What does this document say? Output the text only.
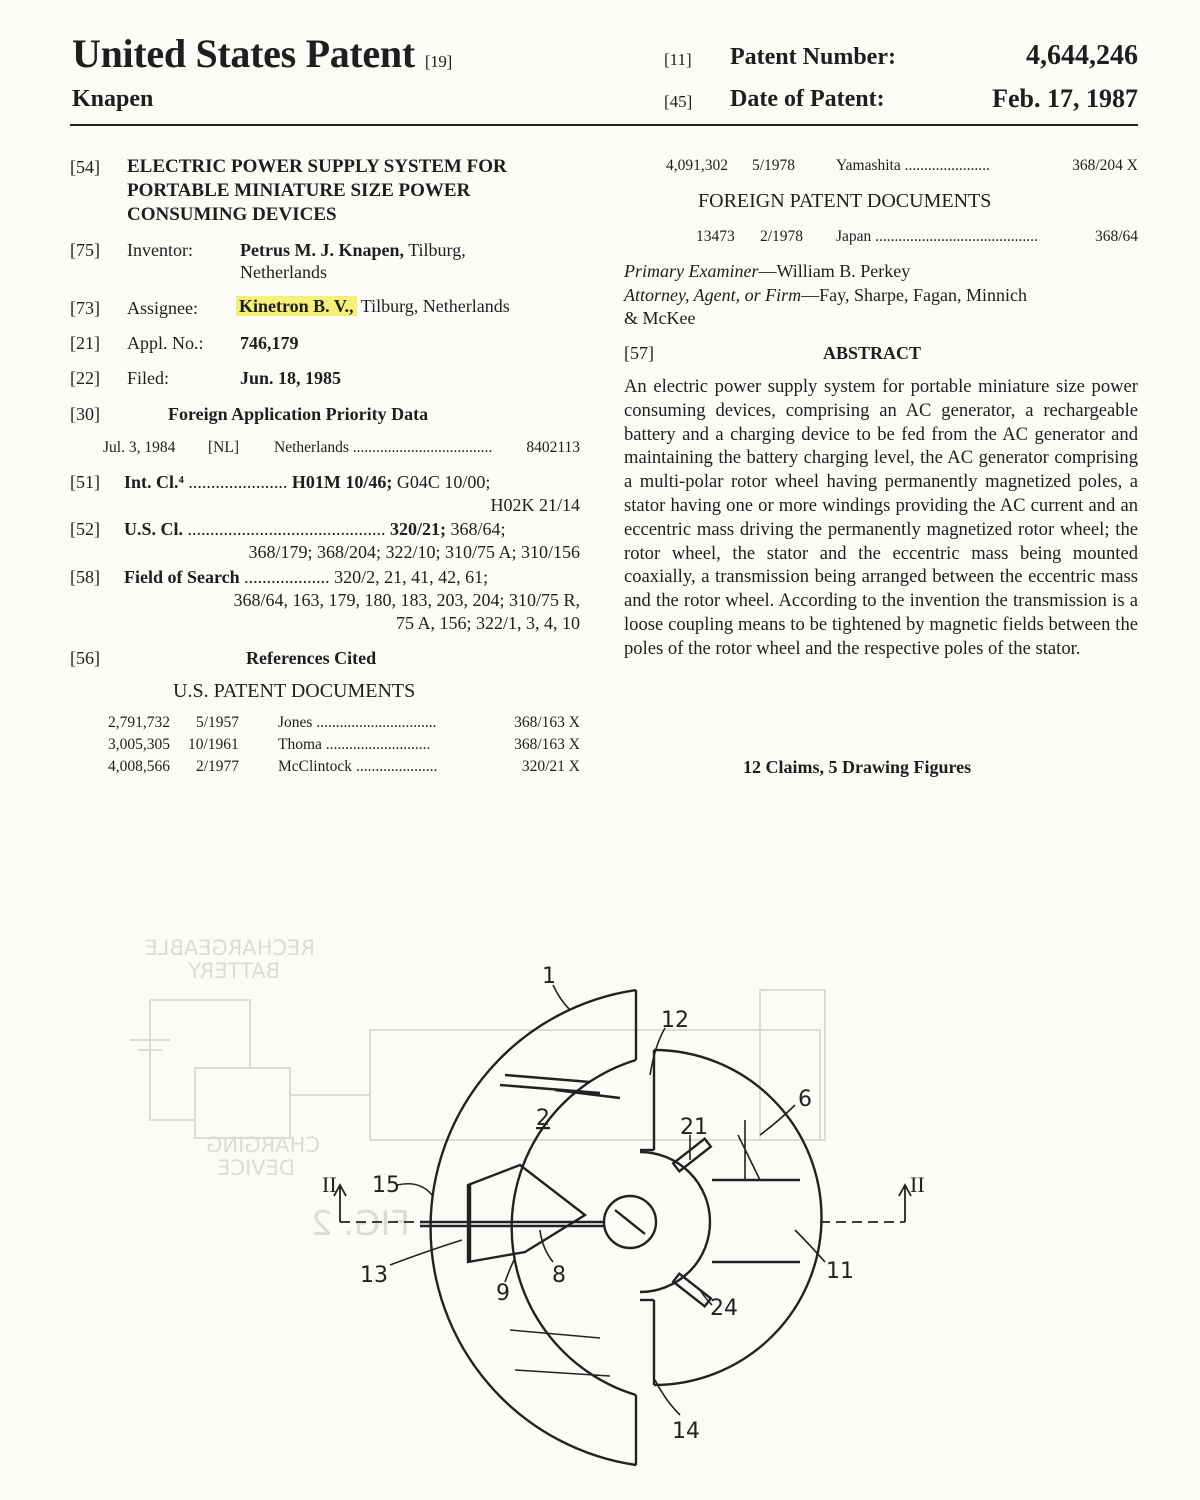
United States Patent [19]
Knapen
[11] Patent Number:	4,644,246
[45] Date of Patent:	Feb. 17, 1987
[54] ELECTRIC POWER SUPPLY SYSTEM FOR
PORTABLE MINIATURE SIZE POWER
CONSUMING DEVICES
[75] Inventor:	Petrus M. J. Knapen, Tilburg,
Netherlands
[73] Assignee: Kinetron B. V., Tilburg, Netherlands
[21] Appl. No.: 746,179
[22] Filed:	Jun. 18, 1985
[30]	Foreign Application Priority Data
Jul. 3, 1984 [NL] Netherlands .................................... 8402113
[51] Int. Cl.⁴ ...................... H01M 10/46; G04C 10/00;
H02K 21/14
[52] U.S. Cl. ............................................ 320/21; 368/64;
368/179; 368/204; 322/10; 310/75 A; 310/156
[58] Field of Search ................... 320/2, 21, 41, 42, 61;
368/64, 163, 179, 180, 183, 203, 204; 310/75 R,
75 A, 156; 322/1, 3, 4, 10
[56]	References Cited
U.S. PATENT DOCUMENTS
2,791,732 5/1957	Jones ...............................	368/163 X
3,005,305 10/1961	Thoma ...........................	368/163 X
4,008,566 2/1977	McClintock .....................	320/21 X
4,091,302 5/1978	Yamashita ......................	368/204 X
FOREIGN PATENT DOCUMENTS
13473 2/1978 Japan ..........................................	368/64
Primary Examiner—William B. Perkey
Attorney, Agent, or Firm—Fay, Sharpe, Fagan, Minnich
& McKee
[57]	ABSTRACT
An electric power supply system for portable miniature size power consuming devices, comprising an AC generator, a rechargeable battery and a charging device to be fed from the AC generator and maintaining the battery charging level, the AC generator comprising a multi-polar rotor wheel having permanently magnetized poles, a stator having one or more windings providing the AC current and an eccentric mass driving the permanently magnetized rotor wheel; the rotor wheel, the stator and the eccentric mass being mounted coaxially, a transmission being arranged between the eccentric mass and the rotor wheel. According to the invention the transmission is a loose coupling means to be tightened by magnetic fields between the poles of the rotor wheel and the respective poles of the stator.
12 Claims, 5 Drawing Figures
RECHARGEABLE
BATTERY
CHARGING
DEVICE
FIG. 2
1
12
6
2	21
II 15	II
13	8	11
9
24
14
